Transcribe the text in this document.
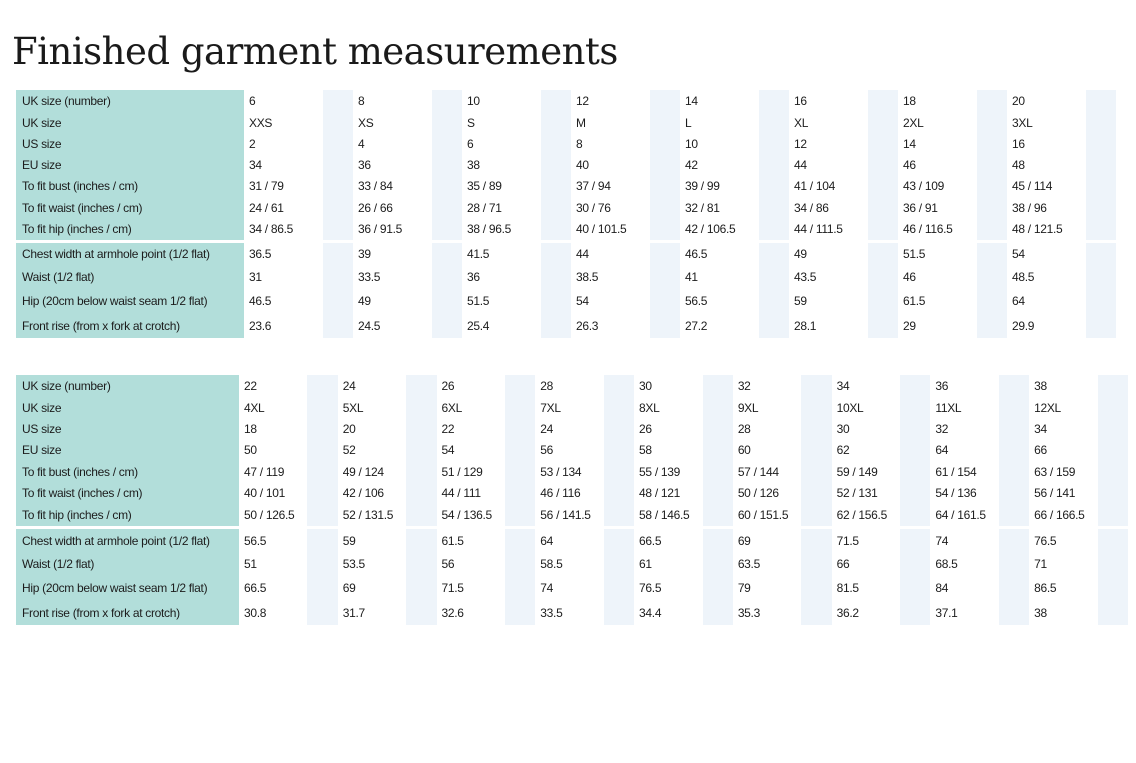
Finished garment measurements
UK size (number)
UK size
US size
EU size
To fit bust (inches / cm)
To fit waist (inches / cm)
To fit hip (inches / cm)
6
XXS
2
34
31 / 79
24 / 61
34 / 86.5
8
XS
4
36
33 / 84
26 / 66
36 / 91.5
10
S
6
38
35 / 89
28 / 71
38 / 96.5
12
M
8
40
37 / 94
30 / 76
40 / 101.5
14
L
10
42
39 / 99
32 / 81
42 / 106.5
16
XL
12
44
41 / 104
34 / 86
44 / 111.5
18
2XL
14
46
43 / 109
36 / 91
46 / 116.5
20
3XL
16
48
45 / 114
38 / 96
48 / 121.5
Chest width at armhole point (1/2 flat)
Waist (1/2 flat)
Hip (20cm below waist seam 1/2 flat)
Front rise (from x fork at crotch)
36.5
31
46.5
23.6
39
33.5
49
24.5
41.5
36
51.5
25.4
44
38.5
54
26.3
46.5
41
56.5
27.2
49
43.5
59
28.1
51.5
46
61.5
29
54
48.5
64
29.9
UK size (number)
UK size
US size
EU size
To fit bust (inches / cm)
To fit waist (inches / cm)
To fit hip (inches / cm)
22
4XL
18
50
47 / 119
40 / 101
50 / 126.5
24
5XL
20
52
49 / 124
42 / 106
52 / 131.5
26
6XL
22
54
51 / 129
44 / 111
54 / 136.5
28
7XL
24
56
53 / 134
46 / 116
56 / 141.5
30
8XL
26
58
55 / 139
48 / 121
58 / 146.5
32
9XL
28
60
57 / 144
50 / 126
60 / 151.5
34
10XL
30
62
59 / 149
52 / 131
62 / 156.5
36
11XL
32
64
61 / 154
54 / 136
64 / 161.5
38
12XL
34
66
63 / 159
56 / 141
66 / 166.5
Chest width at armhole point (1/2 flat)
Waist (1/2 flat)
Hip (20cm below waist seam 1/2 flat)
Front rise (from x fork at crotch)
56.5
51
66.5
30.8
59
53.5
69
31.7
61.5
56
71.5
32.6
64
58.5
74
33.5
66.5
61
76.5
34.4
69
63.5
79
35.3
71.5
66
81.5
36.2
74
68.5
84
37.1
76.5
71
86.5
38
